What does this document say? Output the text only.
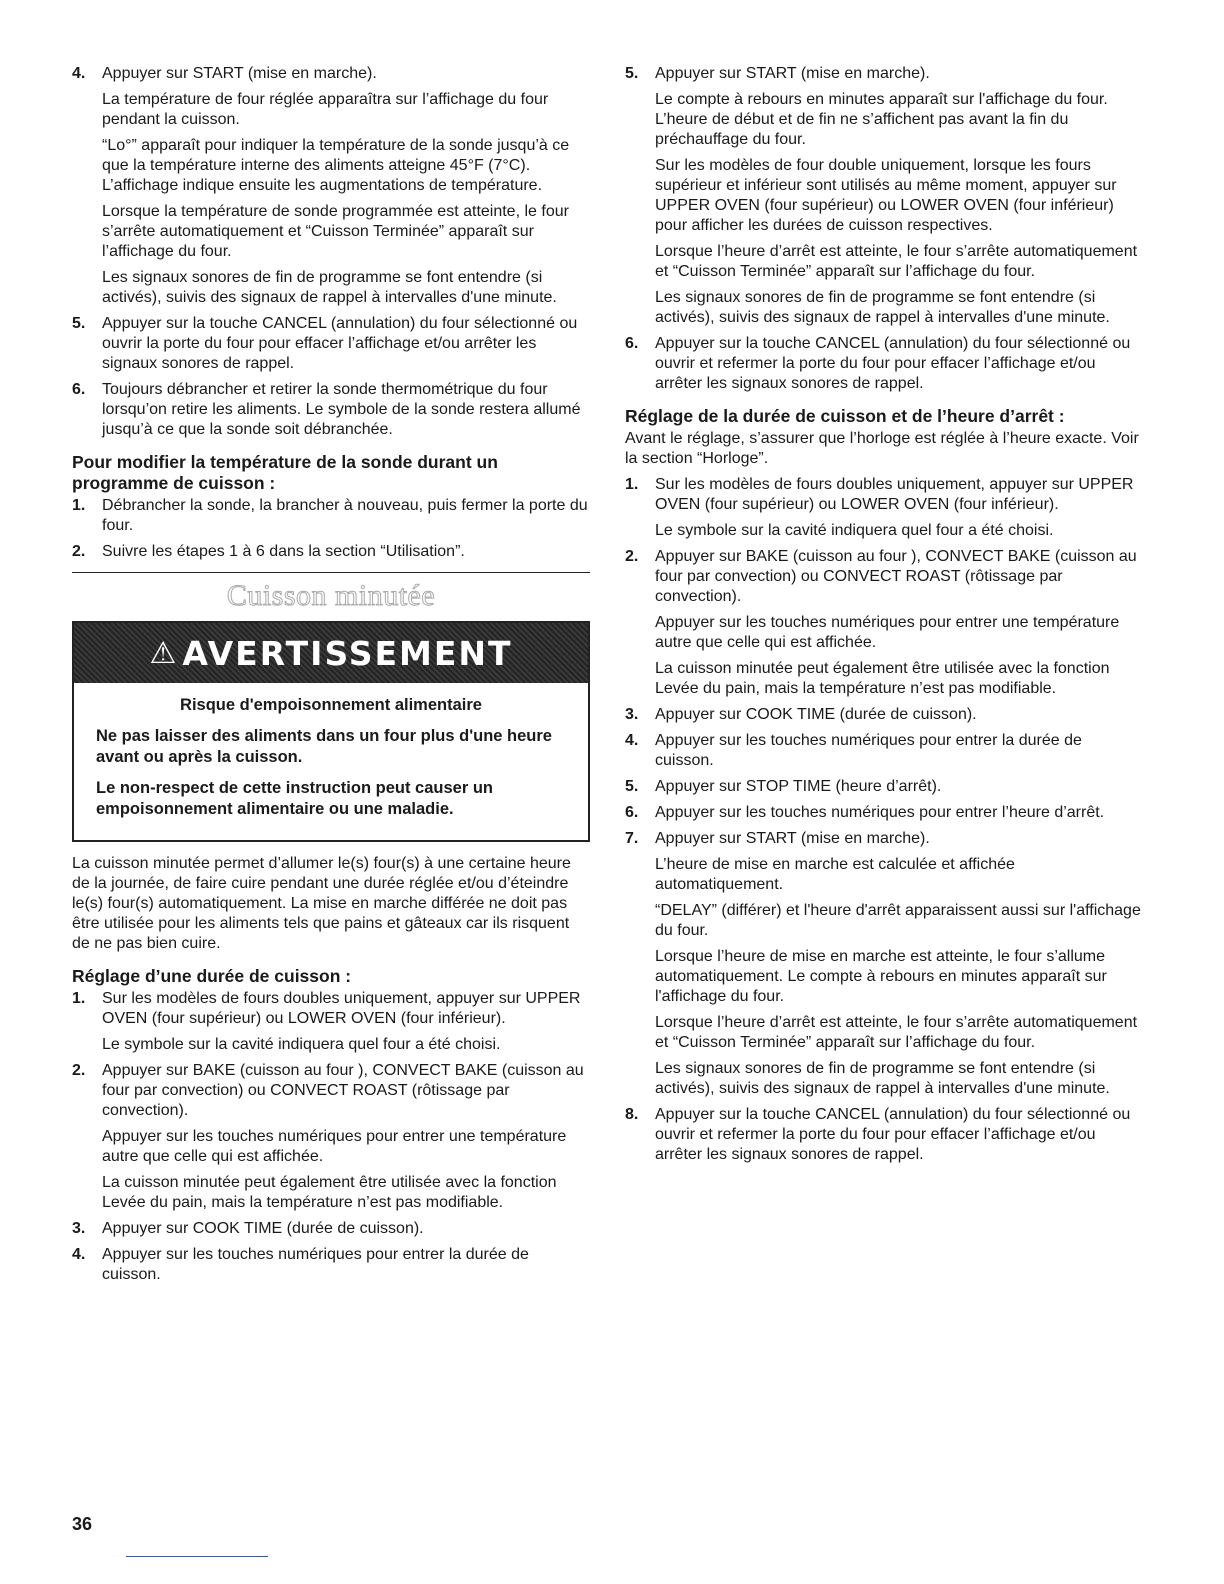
4. Appuyer sur START (mise en marche).

La température de four réglée apparaîtra sur l’affichage du four pendant la cuisson.

“Lo°” apparaît pour indiquer la température de la sonde jusqu’à ce que la température interne des aliments atteigne 45°F (7°C). L’affichage indique ensuite les augmentations de température.

Lorsque la température de sonde programmée est atteinte, le four s’arrête automatiquement et “Cuisson Terminée” apparaît sur l’affichage du four.

Les signaux sonores de fin de programme se font entendre (si activés), suivis des signaux de rappel à intervalles d'une minute.

5. Appuyer sur la touche CANCEL (annulation) du four sélectionné ou ouvrir la porte du four pour effacer l’affichage et/ou arrêter les signaux sonores de rappel.

6. Toujours débrancher et retirer la sonde thermométrique du four lorsqu’on retire les aliments. Le symbole de la sonde restera allumé jusqu’à ce que la sonde soit débranchée.

Pour modifier la température de la sonde durant un programme de cuisson :
1. Débrancher la sonde, la brancher à nouveau, puis fermer la porte du four.

2. Suivre les étapes 1 à 6 dans la section “Utilisation”.

Cuisson minutée
⚠ AVERTISSEMENT

Risque d'empoisonnement alimentaire

Ne pas laisser des aliments dans un four plus d'une heure avant ou après la cuisson.

Le non-respect de cette instruction peut causer un empoisonnement alimentaire ou une maladie.

La cuisson minutée permet d’allumer le(s) four(s) à une certaine heure de la journée, de faire cuire pendant une durée réglée et/ou d’éteindre le(s) four(s) automatiquement. La mise en marche différée ne doit pas être utilisée pour les aliments tels que pains et gâteaux car ils risquent de ne pas bien cuire.

Réglage d’une durée de cuisson :
1. Sur les modèles de fours doubles uniquement, appuyer sur UPPER OVEN (four supérieur) ou LOWER OVEN (four inférieur).

Le symbole sur la cavité indiquera quel four a été choisi.

2. Appuyer sur BAKE (cuisson au four ), CONVECT BAKE (cuisson au four par convection) ou CONVECT ROAST (rôtissage par convection).

Appuyer sur les touches numériques pour entrer une température autre que celle qui est affichée.

La cuisson minutée peut également être utilisée avec la fonction Levée du pain, mais la température n’est pas modifiable.

3. Appuyer sur COOK TIME (durée de cuisson).

4. Appuyer sur les touches numériques pour entrer la durée de cuisson.

5. Appuyer sur START (mise en marche).

Le compte à rebours en minutes apparaît sur l'affichage du four. L’heure de début et de fin ne s’affichent pas avant la fin du préchauffage du four.

Sur les modèles de four double uniquement, lorsque les fours supérieur et inférieur sont utilisés au même moment, appuyer sur UPPER OVEN (four supérieur) ou LOWER OVEN (four inférieur) pour afficher les durées de cuisson respectives.

Lorsque l’heure d’arrêt est atteinte, le four s’arrête automatiquement et “Cuisson Terminée” apparaît sur l’affichage du four.

Les signaux sonores de fin de programme se font entendre (si activés), suivis des signaux de rappel à intervalles d'une minute.

6. Appuyer sur la touche CANCEL (annulation) du four sélectionné ou ouvrir et refermer la porte du four pour effacer l’affichage et/ou arrêter les signaux sonores de rappel.

Réglage de la durée de cuisson et de l’heure d’arrêt :

Avant le réglage, s’assurer que l’horloge est réglée à l’heure exacte. Voir la section “Horloge”.

1. Sur les modèles de fours doubles uniquement, appuyer sur UPPER OVEN (four supérieur) ou LOWER OVEN (four inférieur).

Le symbole sur la cavité indiquera quel four a été choisi.

2. Appuyer sur BAKE (cuisson au four ), CONVECT BAKE (cuisson au four par convection) ou CONVECT ROAST (rôtissage par convection).

Appuyer sur les touches numériques pour entrer une température autre que celle qui est affichée.

La cuisson minutée peut également être utilisée avec la fonction Levée du pain, mais la température n’est pas modifiable.

3. Appuyer sur COOK TIME (durée de cuisson).

4. Appuyer sur les touches numériques pour entrer la durée de cuisson.

5. Appuyer sur STOP TIME (heure d’arrêt).

6. Appuyer sur les touches numériques pour entrer l’heure d’arrêt.

7. Appuyer sur START (mise en marche).

L’heure de mise en marche est calculée et affichée automatiquement.

“DELAY” (différer) et l'heure d'arrêt apparaissent aussi sur l'affichage du four.

Lorsque l’heure de mise en marche est atteinte, le four s’allume automatiquement. Le compte à rebours en minutes apparaît sur l'affichage du four.

Lorsque l’heure d’arrêt est atteinte, le four s’arrête automatiquement et “Cuisson Terminée” apparaît sur l’affichage du four.

Les signaux sonores de fin de programme se font entendre (si activés), suivis des signaux de rappel à intervalles d'une minute.

8. Appuyer sur la touche CANCEL (annulation) du four sélectionné ou ouvrir et refermer la porte du four pour effacer l’affichage et/ou arrêter les signaux sonores de rappel.

36
